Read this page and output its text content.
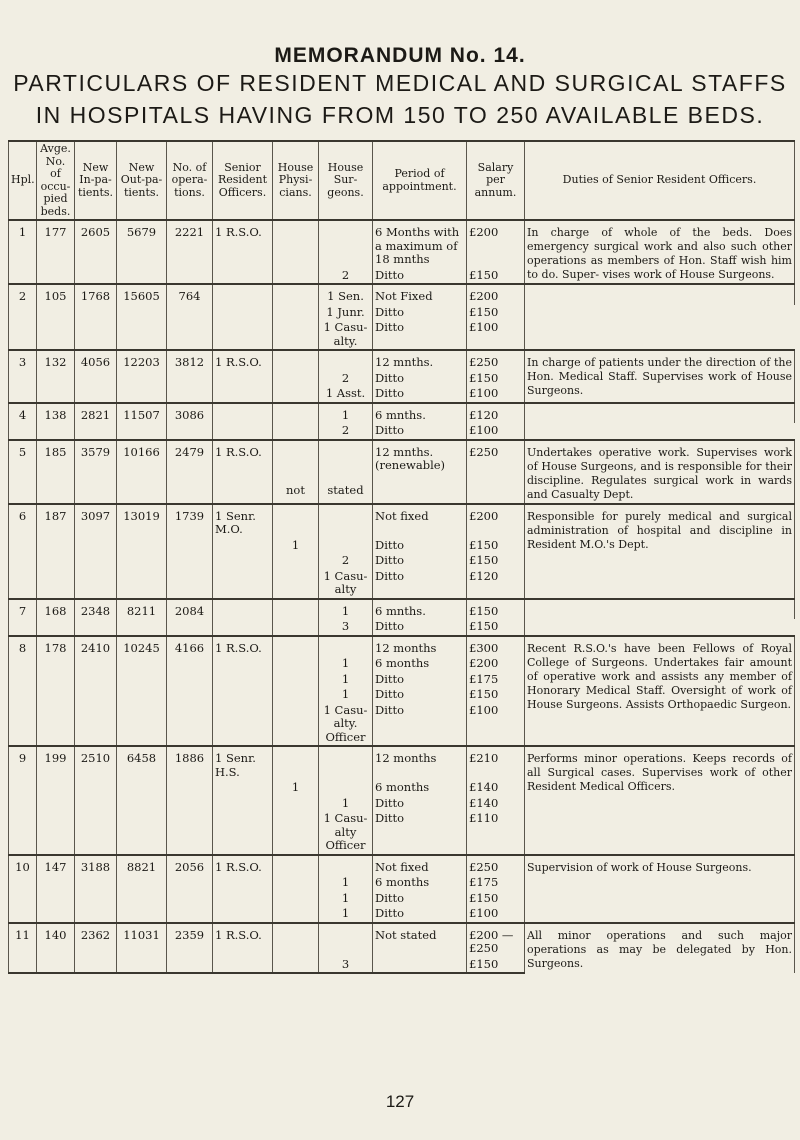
MEMORANDUM No. 14.
PARTICULARS OF RESIDENT MEDICAL AND SURGICAL STAFFS
IN HOSPITALS HAVING FROM 150 TO 250 AVAILABLE BEDS.
Hpl.	Avge. No. of occu- pied beds.	New In-pa- tients.	New Out-pa- tients.	No. of opera- tions.	Senior Resident Officers.	House Physi- cians.	House Sur- geons.	Period of appointment.	Salary per annum.	Duties of Senior Resident Officers.
1	177	2605	5679	2221	1 R.S.O.			6 Months with a maximum of 18 mnths	£200	In charge of whole of the beds. Does emergency surgical work and also such other operations as members of Hon. Staff wish him to do. Super- vises work of House Surgeons.
							2	Ditto	£150	
2	105	1768	15605	764			1 Sen.	Not Fixed	£200	
							1 Junr.	Ditto	£150	
							1 Casu- alty.	Ditto	£100	
3	132	4056	12203	3812	1 R.S.O.			12 mnths.	£250	In charge of patients under the direction of the Hon. Medical Staff. Supervises work of House Surgeons.
							2	Ditto	£150	
							1 Asst.	Ditto	£100	
4	138	2821	11507	3086			1	6 mnths.	£120	
							2	Ditto	£100	
5	185	3579	10166	2479	1 R.S.O.			12 mnths. (renewable)	£250	Undertakes operative work. Supervises work of House Surgeons, and is responsible for their discipline. Regulates surgical work in wards and Casualty Dept.
						not	stated			
6	187	3097	13019	1739	1 Senr. M.O.			Not fixed	£200	Responsible for purely medical and surgical administration of hospital and discipline in Resident M.O.'s Dept.
						1		Ditto	£150	
							2	Ditto	£150	
							1 Casu- alty	Ditto	£120	
7	168	2348	8211	2084			1	6 mnths.	£150	
							3	Ditto	£150	
8	178	2410	10245	4166	1 R.S.O.			12 months	£300	Recent R.S.O.'s have been Fellows of Royal College of Surgeons. Undertakes fair amount of operative work and assists any member of Honorary Medical Staff. Oversight of work of House Surgeons. Assists Orthopaedic Surgeon.
							1	6 months	£200	
							1	Ditto	£175	
							1	Ditto	£150	
							1 Casu- alty. Officer	Ditto	£100	
9	199	2510	6458	1886	1 Senr. H.S.			12 months	£210	Performs minor operations. Keeps records of all Surgical cases. Supervises work of other Resident Medical Officers.
						1		6 months	£140	
							1	Ditto	£140	
							1 Casu- alty Officer	Ditto	£110	
10	147	3188	8821	2056	1 R.S.O.			Not fixed	£250	Supervision of work of House Surgeons.
							1	6 months	£175	
							1	Ditto	£150	
							1	Ditto	£100	
11	140	2362	11031	2359	1 R.S.O.			Not stated	£200 —£250	All minor operations and such major operations as may be delegated by Hon. Surgeons.
							3		£150	
127
